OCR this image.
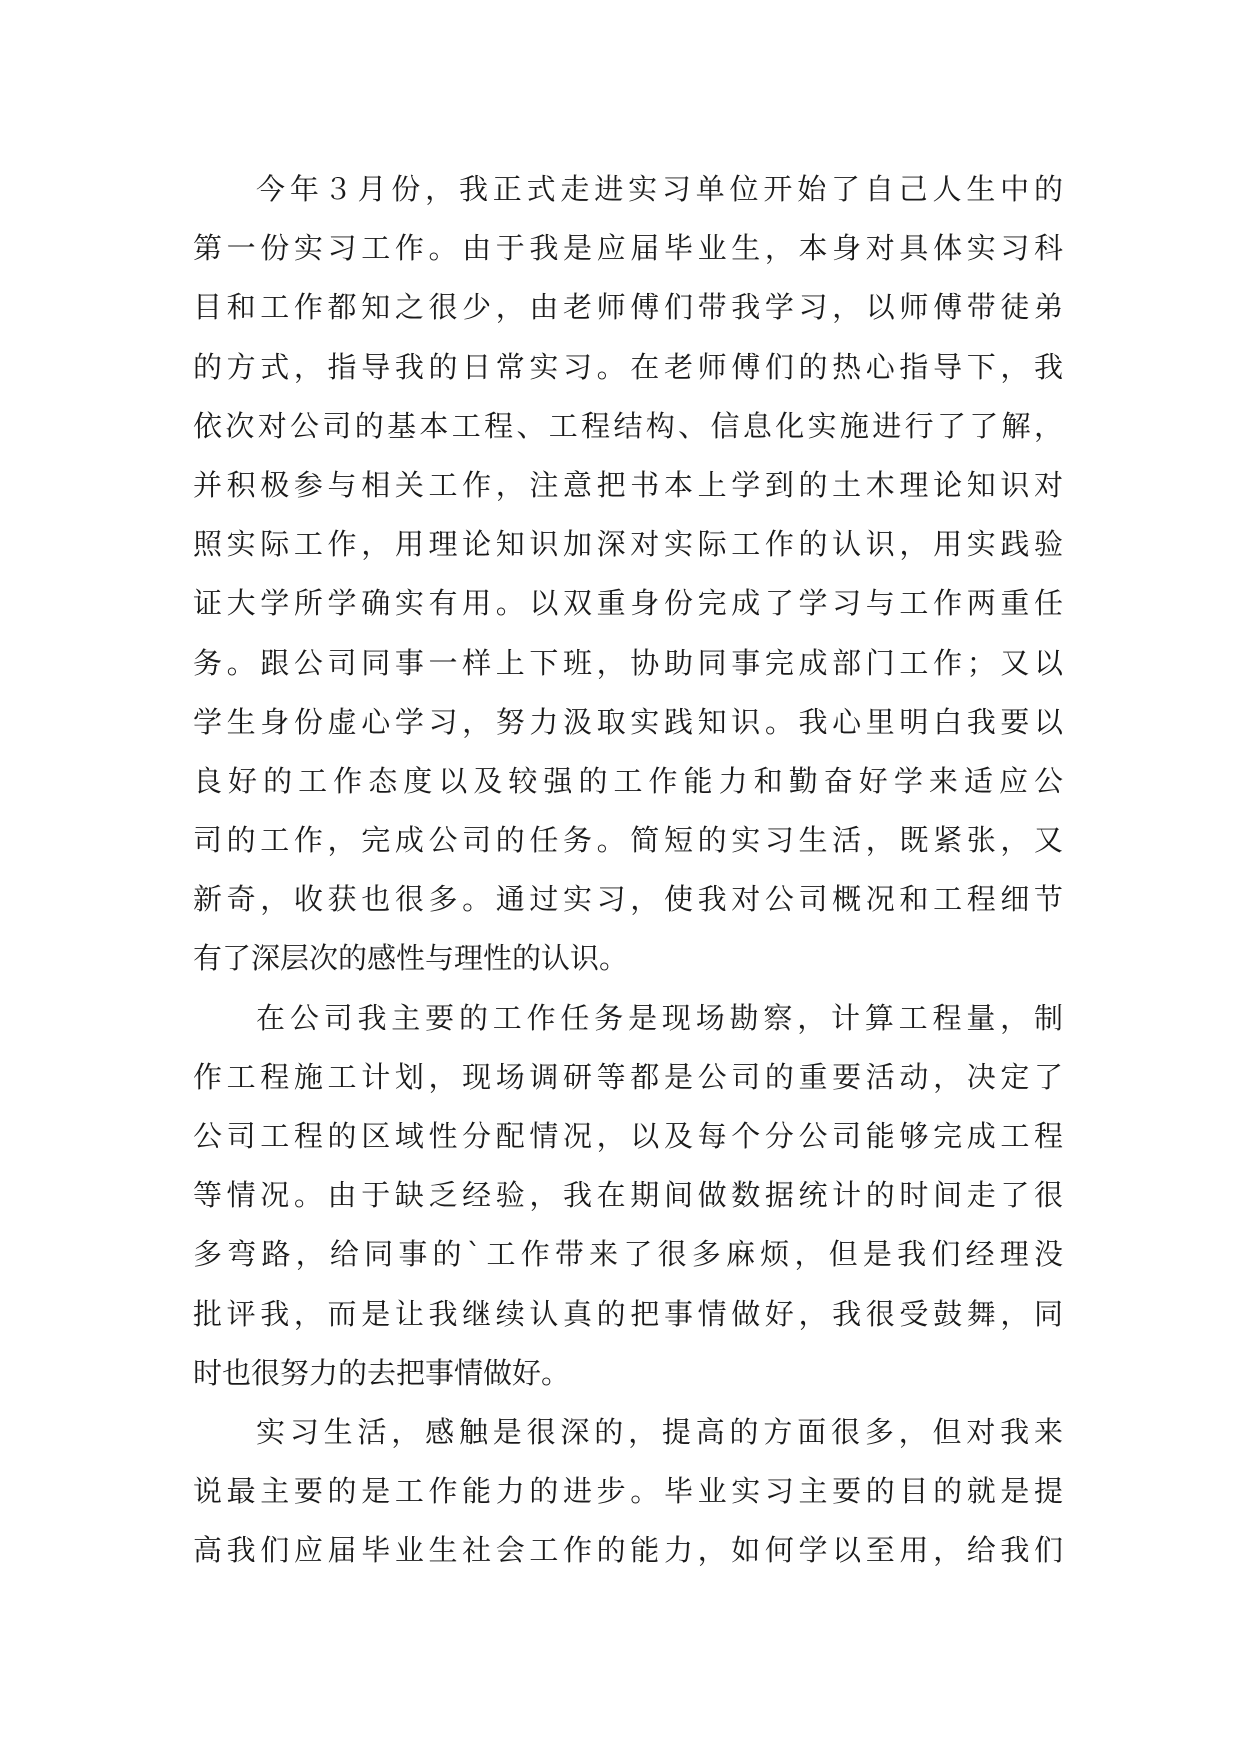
今年３月份，我正式走进实习单位开始了自己人生中的
第一份实习工作。由于我是应届毕业生，本身对具体实习科
目和工作都知之很少，由老师傅们带我学习，以师傅带徒弟
的方式，指导我的日常实习。在老师傅们的热心指导下，我
依次对公司的基本工程、工程结构、信息化实施进行了了解，
并积极参与相关工作，注意把书本上学到的土木理论知识对
照实际工作，用理论知识加深对实际工作的认识，用实践验
证大学所学确实有用。以双重身份完成了学习与工作两重任
务。跟公司同事一样上下班，协助同事完成部门工作；又以
学生身份虚心学习，努力汲取实践知识。我心里明白我要以
良好的工作态度以及较强的工作能力和勤奋好学来适应公
司的工作，完成公司的任务。简短的实习生活，既紧张，又
新奇，收获也很多。通过实习，使我对公司概况和工程细节
有了深层次的感性与理性的认识。
在公司我主要的工作任务是现场勘察，计算工程量，制
作工程施工计划，现场调研等都是公司的重要活动，决定了
公司工程的区域性分配情况，以及每个分公司能够完成工程
等情况。由于缺乏经验，我在期间做数据统计的时间走了很
多弯路，给同事的`工作带来了很多麻烦，但是我们经理没
批评我，而是让我继续认真的把事情做好，我很受鼓舞，同
时也很努力的去把事情做好。
实习生活，感触是很深的，提高的方面很多，但对我来
说最主要的是工作能力的进步。毕业实习主要的目的就是提
高我们应届毕业生社会工作的能力，如何学以至用，给我们
